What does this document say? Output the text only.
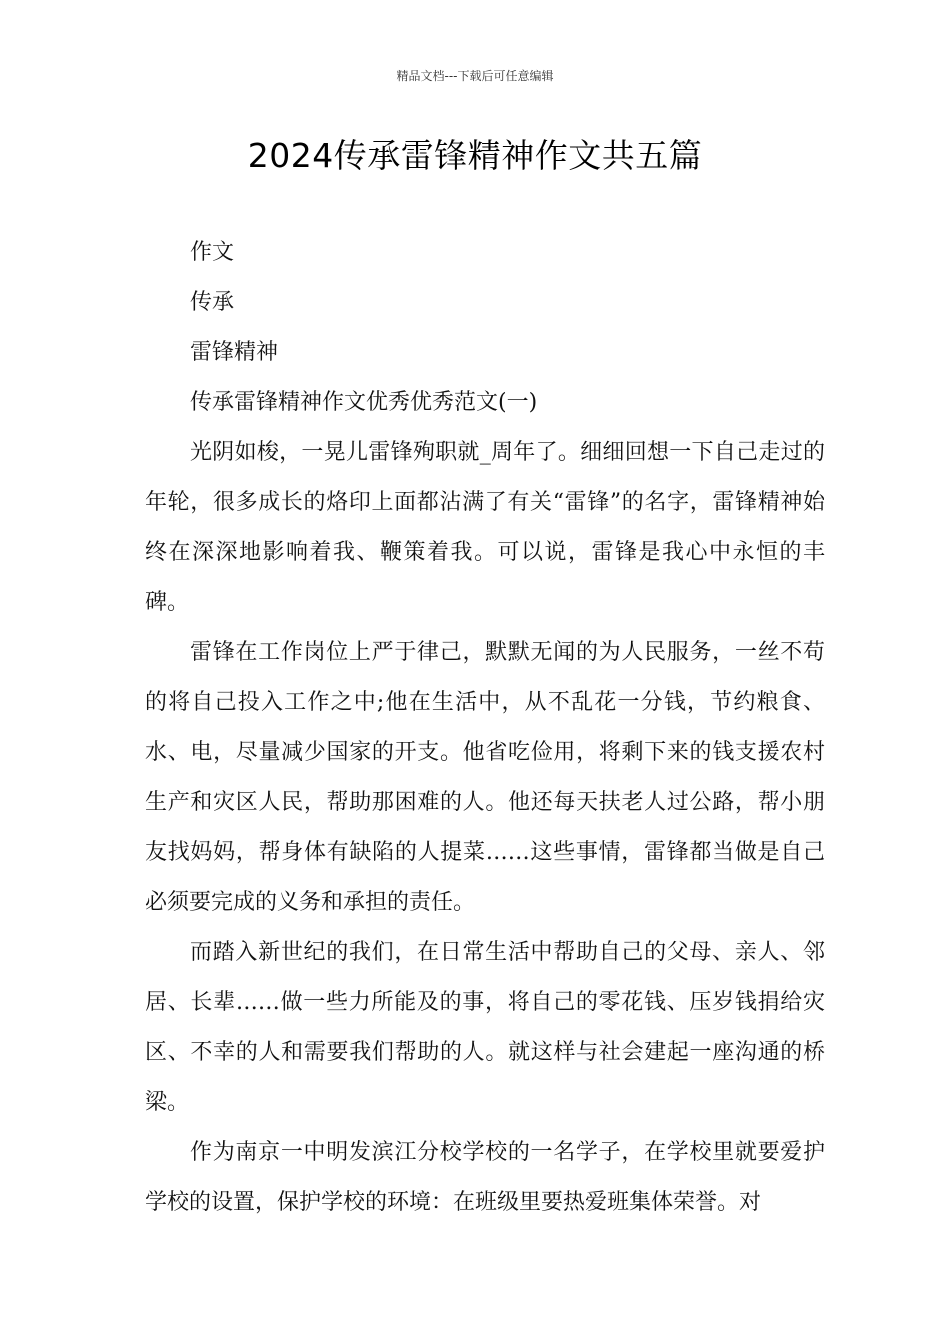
精品文档---下载后可任意编辑
2024传承雷锋精神作文共五篇

作文

传承

雷锋精神

传承雷锋精神作文优秀优秀范文(一)

光阴如梭，一晃儿雷锋殉职就_周年了。细细回想一下自己走过的年轮，很多成长的烙印上面都沾满了有关“雷锋”的名字，雷锋精神始终在深深地影响着我、鞭策着我。可以说，雷锋是我心中永恒的丰碑。

雷锋在工作岗位上严于律己，默默无闻的为人民服务，一丝不苟的将自己投入工作之中;他在生活中，从不乱花一分钱，节约粮食、水、电，尽量减少国家的开支。他省吃俭用，将剩下来的钱支援农村生产和灾区人民，帮助那困难的人。他还每天扶老人过公路，帮小朋友找妈妈，帮身体有缺陷的人提菜……这些事情，雷锋都当做是自己必须要完成的义务和承担的责任。

而踏入新世纪的我们，在日常生活中帮助自己的父母、亲人、邻居、长辈……做一些力所能及的事，将自己的零花钱、压岁钱捐给灾区、不幸的人和需要我们帮助的人。就这样与社会建起一座沟通的桥梁。

作为南京一中明发滨江分校学校的一名学子，在学校里就要爱护学校的设置，保护学校的环境：在班级里要热爱班集体荣誉。对
